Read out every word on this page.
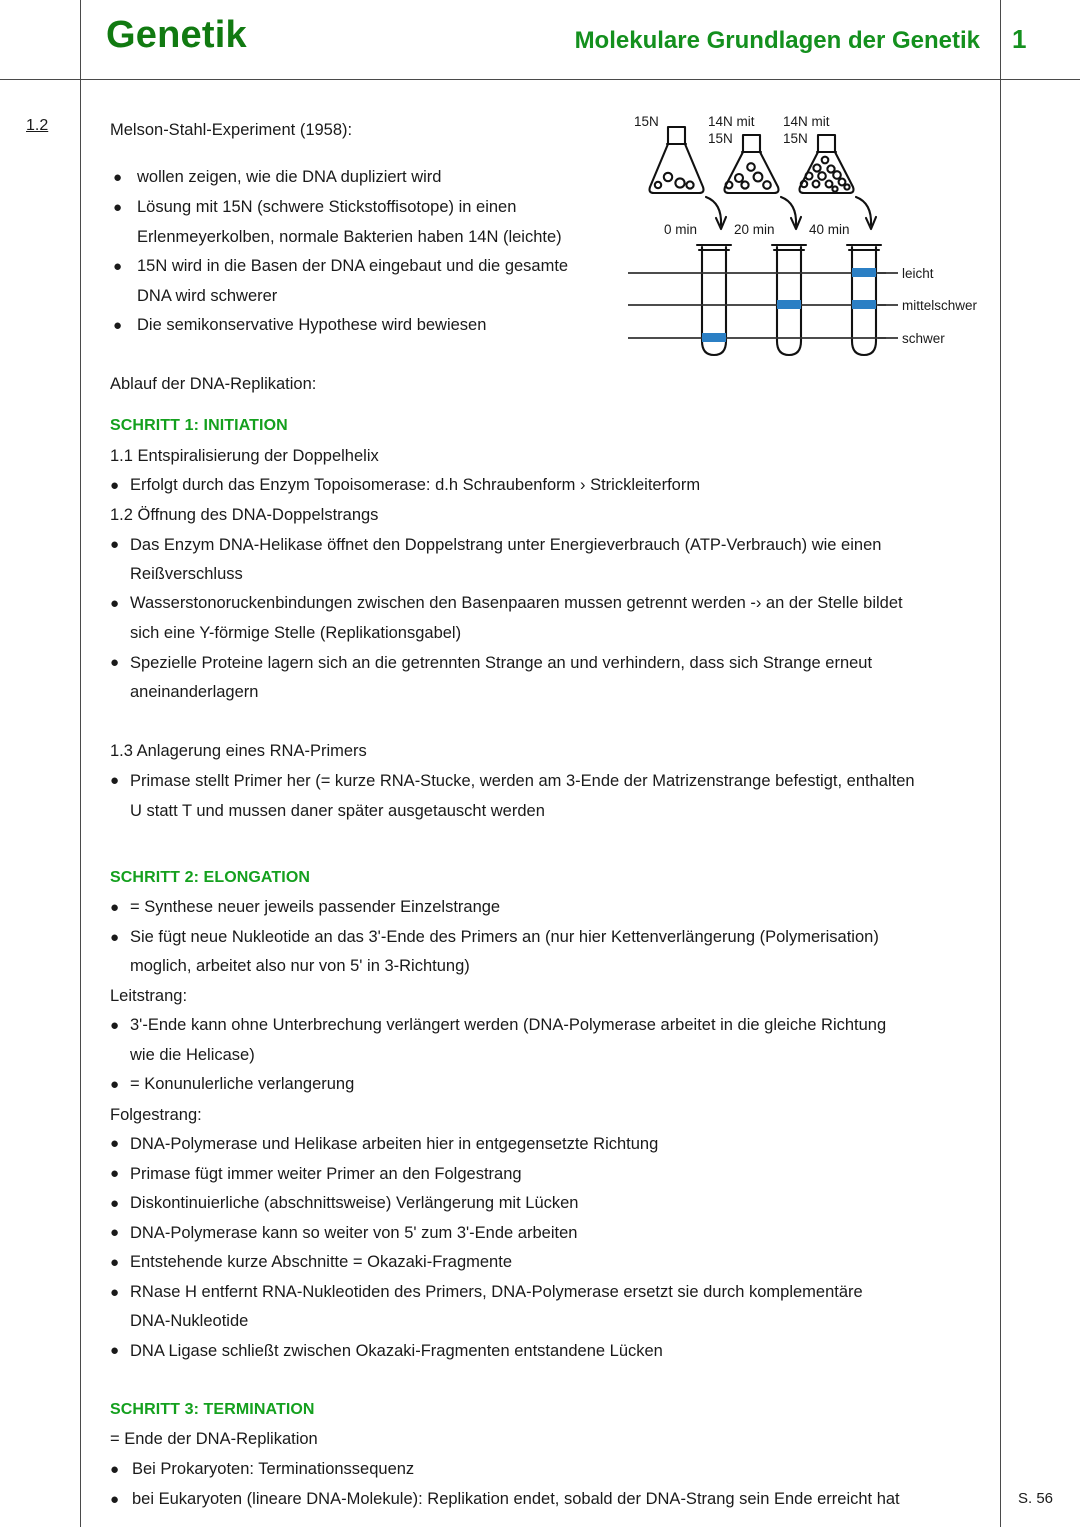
Genetik	Molekulare Grundlagen der Genetik 1
1.2	Melson-Stahl-Experiment (1958):
● wollen zeigen, wie die DNA dupliziert wird
● Lösung mit 15N (schwere Stickstoffisotope) in einen
Erlenmeyerkolben, normale Bakterien haben 14N (leichte)
● 15N wird in die Basen der DNA eingebaut und die gesamte
DNA wird schwerer
● Die semikonservative Hypothese wird bewiesen
Ablauf der DNA-Replikation:
SCHRITT 1: INITIATION
1.1 Entspiralisierung der Doppelhelix
● Erfolgt durch das Enzym Topoisomerase: d.h Schraubenform › Strickleiterform
1.2 Öffnung des DNA-Doppelstrangs
● Das Enzym DNA-Helikase öffnet den Doppelstrang unter Energieverbrauch (ATP-Verbrauch) wie einen
Reißverschluss
● Wasserstonoruckenbindungen zwischen den Basenpaaren mussen getrennt werden -› an der Stelle bildet
sich eine Y-förmige Stelle (Replikationsgabel)
● Spezielle Proteine lagern sich an die getrennten Strange an und verhindern, dass sich Strange erneut
aneinanderlagern
1.3 Anlagerung eines RNA-Primers
● Primase stellt Primer her (= kurze RNA-Stucke, werden am 3-Ende der Matrizenstrange befestigt, enthalten
U statt T und mussen daner später ausgetauscht werden
SCHRITT 2: ELONGATION
● = Synthese neuer jeweils passender Einzelstrange
● Sie fügt neue Nukleotide an das 3'-Ende des Primers an (nur hier Kettenverlängerung (Polymerisation)
moglich, arbeitet also nur von 5' in 3-Richtung)
Leitstrang:
● 3'-Ende kann ohne Unterbrechung verlängert werden (DNA-Polymerase arbeitet in die gleiche Richtung
wie die Helicase)
● = Konunulerliche verlangerung
Folgestrang:
● DNA-Polymerase und Helikase arbeiten hier in entgegensetzte Richtung
● Primase fügt immer weiter Primer an den Folgestrang
● Diskontinuierliche (abschnittsweise) Verlängerung mit Lücken
● DNA-Polymerase kann so weiter von 5' zum 3'-Ende arbeiten
● Entstehende kurze Abschnitte = Okazaki-Fragmente
● RNase H entfernt RNA-Nukleotiden des Primers, DNA-Polymerase ersetzt sie durch komplementäre
DNA-Nukleotide
● DNA Ligase schließt zwischen Okazaki-Fragmenten entstandene Lücken
SCHRITT 3: TERMINATION
= Ende der DNA-Replikation
● Bei Prokaryoten: Terminationssequenz
● bei Eukaryoten (lineare DNA-Molekule): Replikation endet, sobald der DNA-Strang sein Ende erreicht hat	S. 56
15N	14N mit
15N
14N mit
15N
0 min	20 min	40 min
leicht
mittelschwer
schwer
